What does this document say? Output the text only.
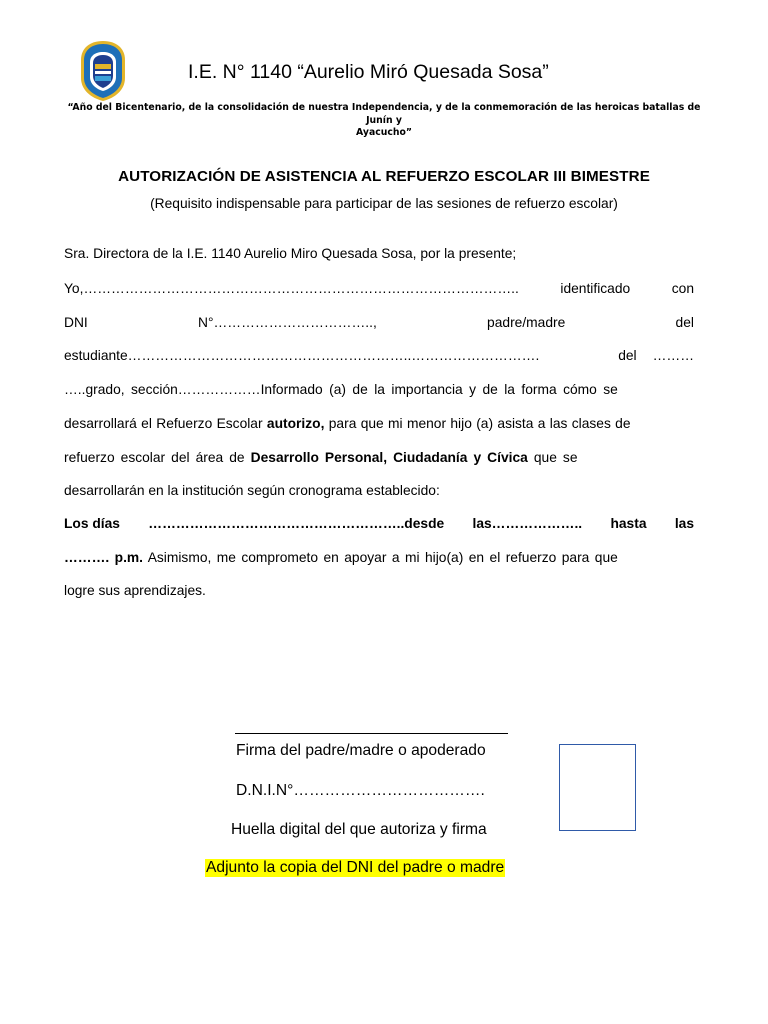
I.E. N° 1140 “Aurelio Miró Quesada Sosa”
“Año del Bicentenario, de la consolidación de nuestra Independencia, y de la conmemoración de las heroicas batallas de Junín y
Ayacucho”
AUTORIZACIÓN DE ASISTENCIA AL REFUERZO ESCOLAR III BIMESTRE
(Requisito indispensable para participar de las sesiones de refuerzo escolar)
Sra. Directora de la I.E. 1140 Aurelio Miro Quesada Sosa, por la presente;
Yo,…………………………………………………………………………………..	identificado	con
DNI	N°……………………………..,	padre/madre	del
estudiante……………………………………………………..……………………….	del ………
…..grado, sección………………Informado (a) de la importancia y de la forma cómo se
desarrollará el Refuerzo Escolar autorizo, para que mi menor hijo (a) asista a las clases de
refuerzo escolar del área de Desarrollo Personal, Ciudadanía y Cívica que se
desarrollarán en la institución según cronograma establecido:
Los días ………………………………………………..desde las……………….. hasta las
………. p.m. Asimismo, me comprometo en apoyar a mi hijo(a) en el refuerzo para que
logre sus aprendizajes.
Firma del padre/madre o apoderado
D.N.I.N°……………………………….
Huella digital del que autoriza y firma
Adjunto la copia del DNI del padre o madre
